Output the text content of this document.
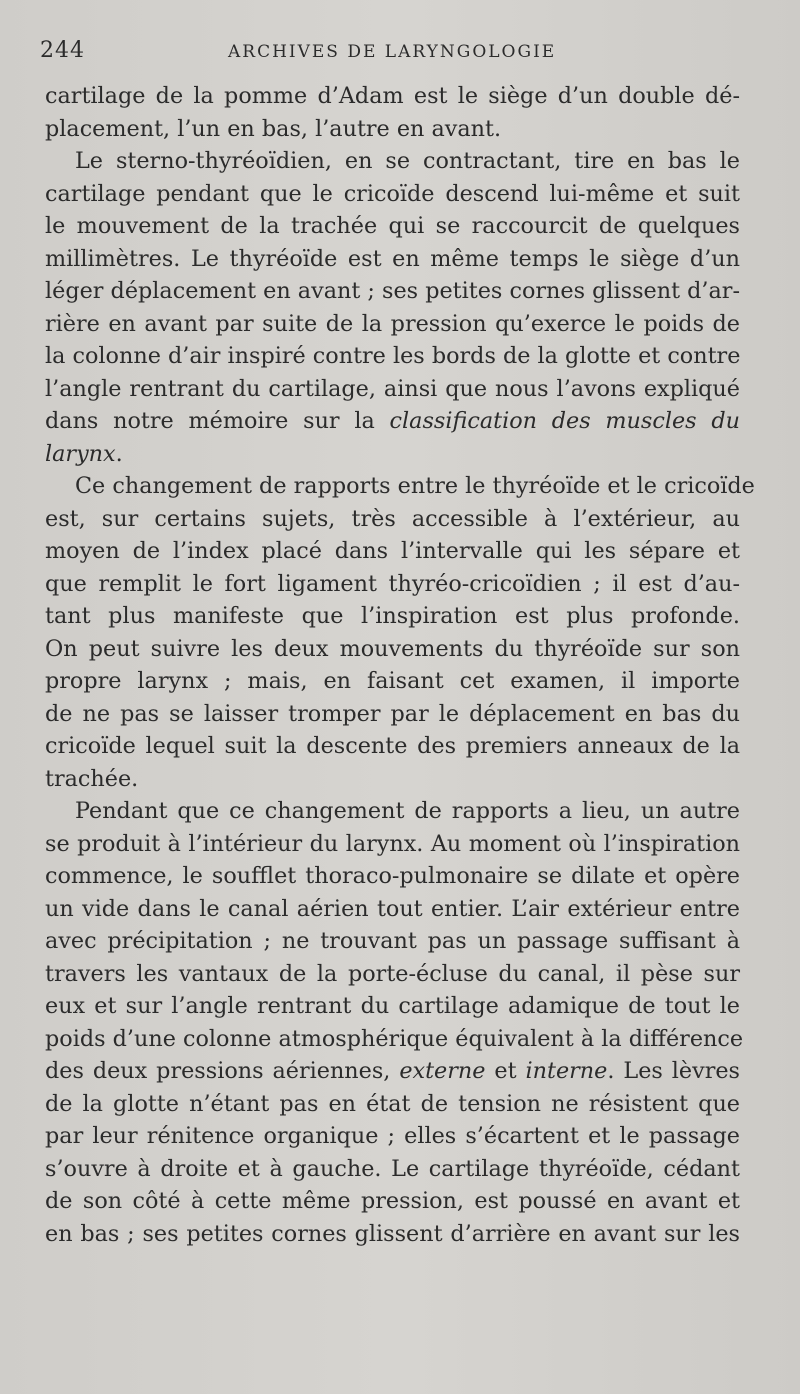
244	ARCHIVES DE LARYNGOLOGIE
cartilage de la pomme d’Adam est le siège d’un double dé-
placement, l’un en bas, l’autre en avant.
Le sterno-thyréoïdien, en se contractant, tire en bas le
cartilage pendant que le cricoïde descend lui-même et suit
le mouvement de la trachée qui se raccourcit de quelques
millimètres. Le thyréoïde est en même temps le siège d’un
léger déplacement en avant ; ses petites cornes glissent d’ar-
rière en avant par suite de la pression qu’exerce le poids de
la colonne d’air inspiré contre les bords de la glotte et contre
l’angle rentrant du cartilage, ainsi que nous l’avons expliqué
dans notre mémoire sur la classification des muscles du
larynx.
Ce changement de rapports entre le thyréoïde et le cricoïde
est, sur certains sujets, très accessible à l’extérieur, au
moyen de l’index placé dans l’intervalle qui les sépare et
que remplit le fort ligament thyréo-cricoïdien ; il est d’au-
tant plus manifeste que l’inspiration est plus profonde.
On peut suivre les deux mouvements du thyréoïde sur son
propre larynx ; mais, en faisant cet examen, il importe
de ne pas se laisser tromper par le déplacement en bas du
cricoïde lequel suit la descente des premiers anneaux de la
trachée.
Pendant que ce changement de rapports a lieu, un autre
se produit à l’intérieur du larynx. Au moment où l’inspiration
commence, le soufflet thoraco-pulmonaire se dilate et opère
un vide dans le canal aérien tout entier. L’air extérieur entre
avec précipitation ; ne trouvant pas un passage suffisant à
travers les vantaux de la porte-écluse du canal, il pèse sur
eux et sur l’angle rentrant du cartilage adamique de tout le
poids d’une colonne atmosphérique équivalent à la différence
des deux pressions aériennes, externe et interne. Les lèvres
de la glotte n’étant pas en état de tension ne résistent que
par leur rénitence organique ; elles s’écartent et le passage
s’ouvre à droite et à gauche. Le cartilage thyréoïde, cédant
de son côté à cette même pression, est poussé en avant et
en bas ; ses petites cornes glissent d’arrière en avant sur les
